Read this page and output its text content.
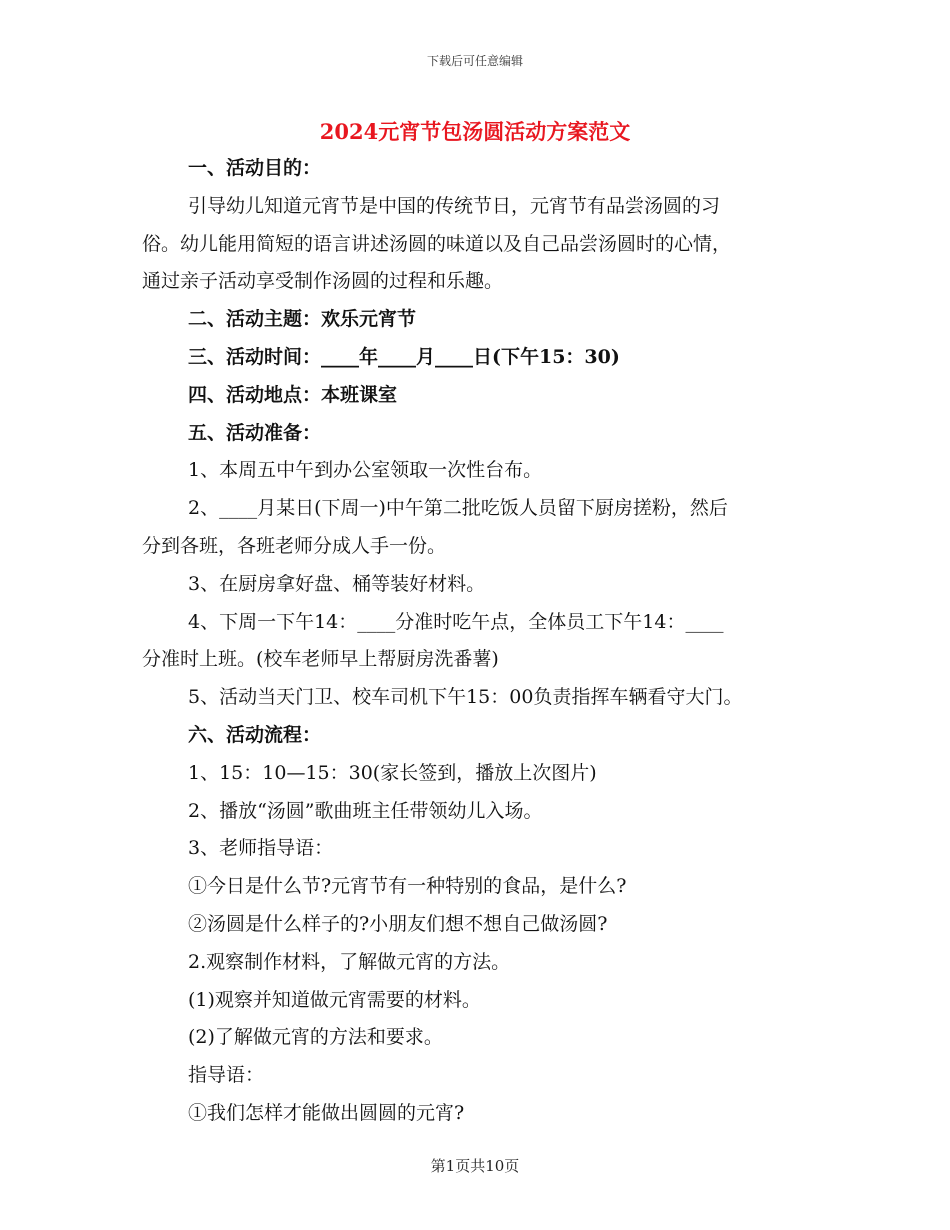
下载后可任意编辑
2024元宵节包汤圆活动方案范文
一、活动目的：
引导幼儿知道元宵节是中国的传统节日，元宵节有品尝汤圆的习
俗。幼儿能用简短的语言讲述汤圆的味道以及自己品尝汤圆时的心情，
通过亲子活动享受制作汤圆的过程和乐趣。
二、活动主题：欢乐元宵节
三、活动时间：____年____月____日(下午15：30)
四、活动地点：本班课室
五、活动准备：
1、本周五中午到办公室领取一次性台布。
2、____月某日(下周一)中午第二批吃饭人员留下厨房搓粉，然后
分到各班，各班老师分成人手一份。
3、在厨房拿好盘、桶等装好材料。
4、下周一下午14：____分准时吃午点，全体员工下午14：____
分准时上班。(校车老师早上帮厨房洗番薯)
5、活动当天门卫、校车司机下午15：00负责指挥车辆看守大门。
六、活动流程：
1、15：10—15：30(家长签到，播放上次图片)
2、播放“汤圆”歌曲班主任带领幼儿入场。
3、老师指导语：
①今日是什么节?元宵节有一种特别的食品，是什么?
②汤圆是什么样子的?小朋友们想不想自己做汤圆?
2.观察制作材料，了解做元宵的方法。
(1)观察并知道做元宵需要的材料。
(2)了解做元宵的方法和要求。
指导语：
①我们怎样才能做出圆圆的元宵?
第1页共10页
